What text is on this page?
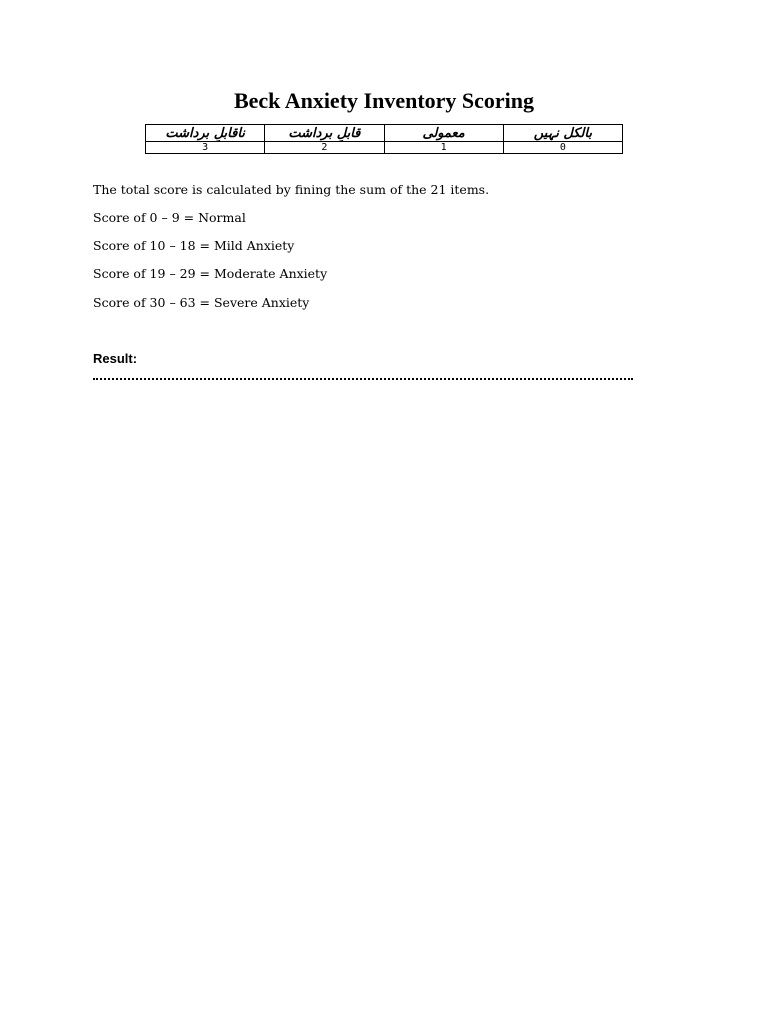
Beck Anxiety Inventory Scoring
ناقابلِ برداشت	قابلِ برداشت	معمولی	بالکل نہیں
3	2	1	0
The total score is calculated by fining the sum of the 21 items.
Score of 0 – 9 = Normal
Score of 10 – 18 = Mild Anxiety
Score of 19 – 29 = Moderate Anxiety
Score of 30 – 63 = Severe Anxiety
Result:
